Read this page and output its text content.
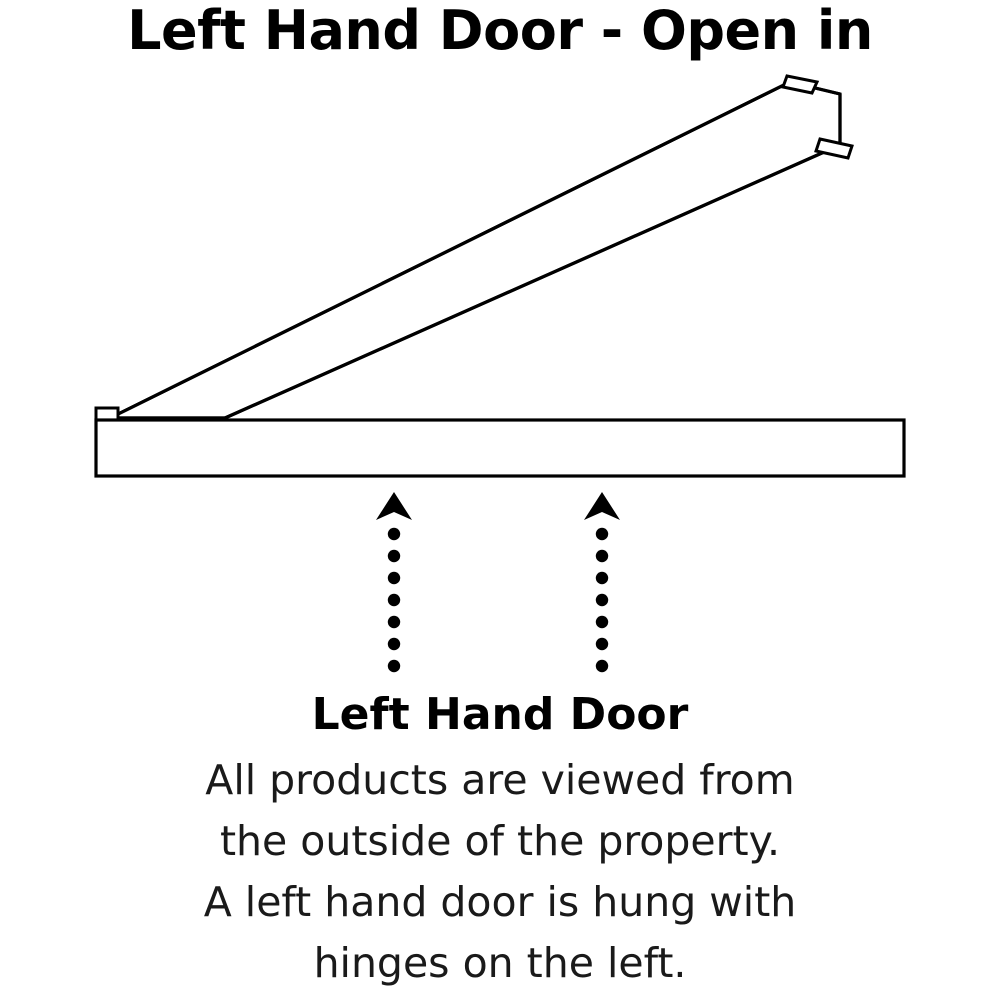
Left Hand Door - Open in
Left Hand Door
All products are viewed from
the outside of the property.
A left hand door is hung with
hinges on the left.
